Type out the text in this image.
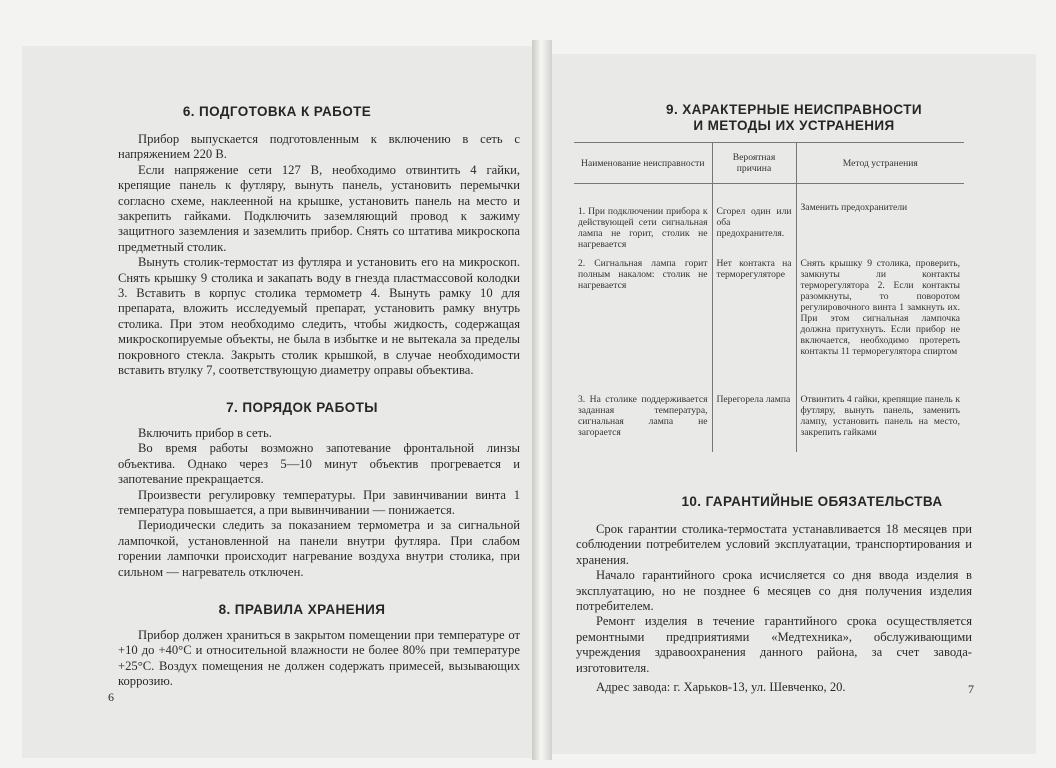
6. ПОДГОТОВКА К РАБОТЕ

Прибор выпускается подготовленным к включению в сеть с напряжением 220 В.

Если напряжение сети 127 В, необходимо отвинтить 4 гайки, крепящие панель к футляру, вынуть панель, установить перемычки согласно схеме, наклеенной на крышке, установить панель на место и закрепить гайками. Подключить заземляющий провод к зажиму защитного заземления и заземлить прибор. Снять со штатива микроскопа предметный столик.

Вынуть столик-термостат из футляра и установить его на микроскоп. Снять крышку 9 столика и закапать воду в гнезда пластмассовой колодки 3. Вставить в корпус столика термометр 4. Вынуть рамку 10 для препарата, вложить исследуемый препарат, установить рамку внутрь столика. При этом необходимо следить, чтобы жидкость, содержащая микроскопируемые объекты, не была в избытке и не вытекала за пределы покровного стекла. Закрыть столик крышкой, в случае необходимости вставить втулку 7, соответствующую диаметру оправы объектива.

7. ПОРЯДОК РАБОТЫ

Включить прибор в сеть.

Во время работы возможно запотевание фронтальной линзы объектива. Однако через 5—10 минут объектив прогревается и запотевание прекращается.

Произвести регулировку температуры. При завинчивании винта 1 температура повышается, а при вывинчивании — понижается.

Периодически следить за показанием термометра и за сигнальной лампочкой, установленной на панели внутри футляра. При слабом горении лампочки происходит нагревание воздуха внутри столика, при сильном — нагреватель отключен.

8. ПРАВИЛА ХРАНЕНИЯ

Прибор должен храниться в закрытом помещении при температуре от +10 до +40°С и относительной влажности не более 80% при температуре +25°С. Воздух помещения не должен содержать примесей, вызывающих коррозию.

6
9. ХАРАКТЕРНЫЕ НЕИСПРАВНОСТИ
И МЕТОДЫ ИХ УСТРАНЕНИЯ
Наименование неисправности	Вероятная причина	Метод устранения
1. При подключении прибора к действующей сети сигнальная лампа не горит, столик не нагревается	Сгорел один или оба предохранителя.	Заменить предохранители
2. Сигнальная лампа горит полным накалом: столик не нагревается	Нет контакта на терморегуляторе	Снять крышку 9 столика, проверить, замкнуты ли контакты терморегулятора 2. Если контакты разомкнуты, то поворотом регулировочного винта 1 замкнуть их. При этом сигнальная лампочка должна притухнуть. Если прибор не включается, необходимо протереть контакты 11 терморегулятора спиртом
3. На столике поддерживается заданная температура, сигнальная лампа не загорается	Перегорела лампа	Отвинтить 4 гайки, крепящие панель к футляру, вынуть панель, заменить лампу, установить панель на место, закрепить гайками
10. ГАРАНТИЙНЫЕ ОБЯЗАТЕЛЬСТВА

Срок гарантии столика-термостата устанавливается 18 месяцев при соблюдении потребителем условий эксплуатации, транспортирования и хранения.

Начало гарантийного срока исчисляется со дня ввода изделия в эксплуатацию, но не позднее 6 месяцев со дня получения изделия потребителем.

Ремонт изделия в течение гарантийного срока осуществляется ремонтными предприятиями «Медтехника», обслуживающими учреждения здравоохранения данного района, за счет завода-изготовителя.

Адрес завода: г. Харьков-13, ул. Шевченко, 20.	7
